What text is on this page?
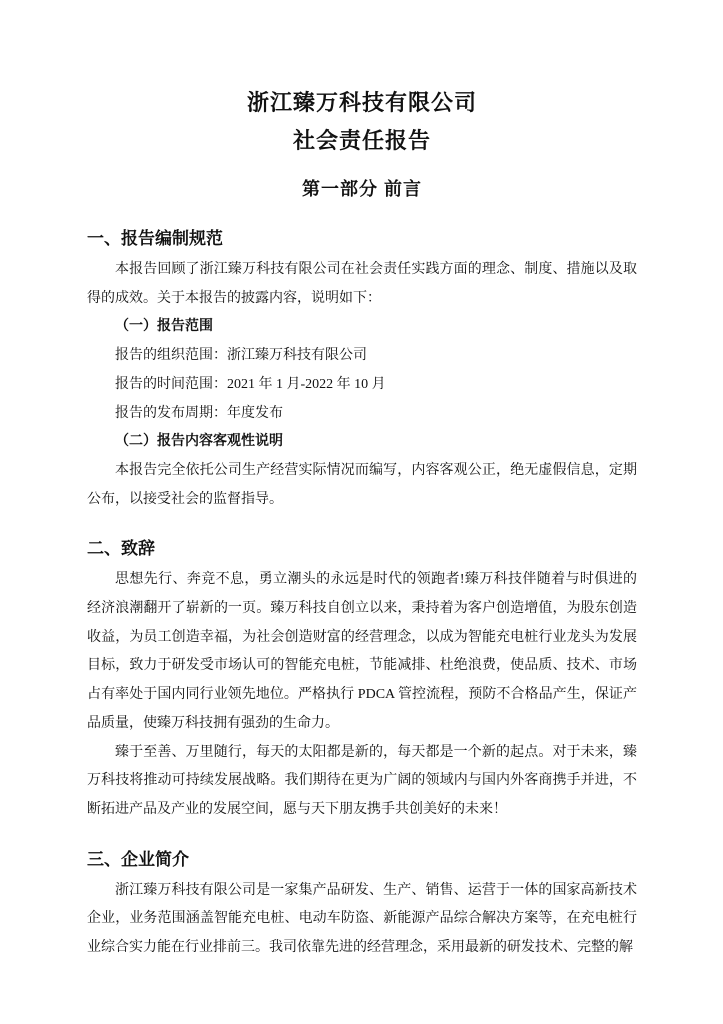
浙江臻万科技有限公司
社会责任报告
第一部分 前言
一、报告编制规范

本报告回顾了浙江臻万科技有限公司在社会责任实践方面的理念、制度、措施以及取得的成效。关于本报告的披露内容，说明如下：

（一）报告范围

报告的组织范围：浙江臻万科技有限公司

报告的时间范围：2021 年 1 月-2022 年 10 月

报告的发布周期：年度发布

（二）报告内容客观性说明

本报告完全依托公司生产经营实际情况而编写，内容客观公正，绝无虚假信息，定期公布，以接受社会的监督指导。

二、致辞

思想先行、奔竞不息，勇立潮头的永远是时代的领跑者!臻万科技伴随着与时俱进的经济浪潮翻开了崭新的一页。臻万科技自创立以来，秉持着为客户创造增值，为股东创造收益，为员工创造幸福，为社会创造财富的经营理念，以成为智能充电桩行业龙头为发展目标，致力于研发受市场认可的智能充电桩，节能减排、杜绝浪费，使品质、技术、市场占有率处于国内同行业领先地位。严格执行 PDCA 管控流程，预防不合格品产生，保证产品质量，使臻万科技拥有强劲的生命力。

臻于至善、万里随行，每天的太阳都是新的，每天都是一个新的起点。对于未来，臻万科技将推动可持续发展战略。我们期待在更为广阔的领域内与国内外客商携手并进，不断拓进产品及产业的发展空间，愿与天下朋友携手共创美好的未来！

三、企业简介

浙江臻万科技有限公司是一家集产品研发、生产、销售、运营于一体的国家高新技术企业，业务范围涵盖智能充电桩、电动车防盗、新能源产品综合解决方案等，在充电桩行业综合实力能在行业排前三。我司依靠先进的经营理念，采用最新的研发技术、完整的解
